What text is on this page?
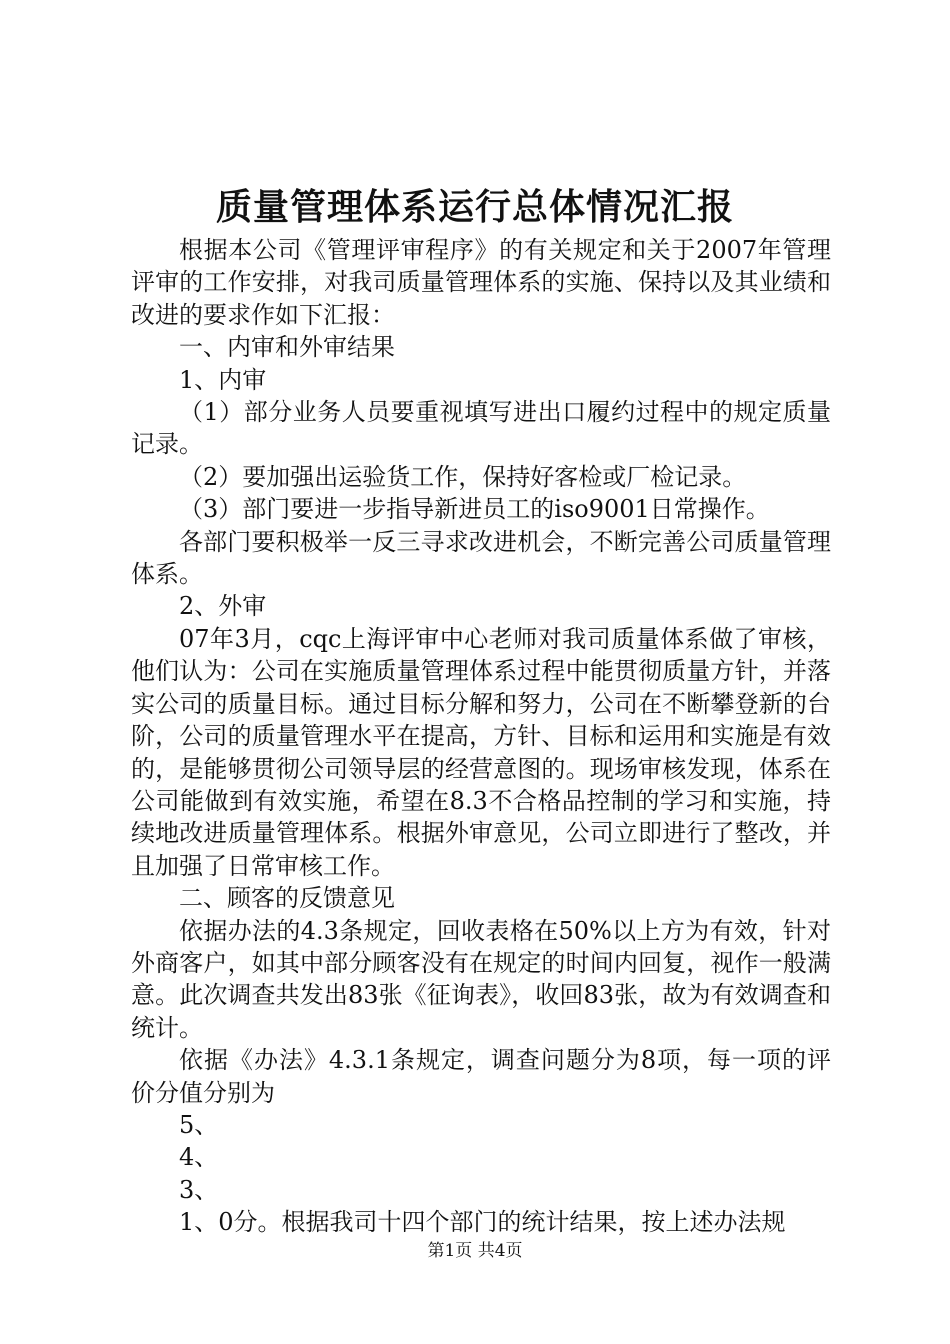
质量管理体系运行总体情况汇报

根据本公司《管理评审程序》的有关规定和关于2007年管理评审的工作安排，对我司质量管理体系的实施、保持以及其业绩和改进的要求作如下汇报：

一、内审和外审结果

1、内审

（1）部分业务人员要重视填写进出口履约过程中的规定质量记录。

（2）要加强出运验货工作，保持好客检或厂检记录。

（3）部门要进一步指导新进员工的iso9001日常操作。

各部门要积极举一反三寻求改进机会，不断完善公司质量管理体系。

2、外审

07年3月，cqc上海评审中心老师对我司质量体系做了审核，他们认为：公司在实施质量管理体系过程中能贯彻质量方针，并落实公司的质量目标。通过目标分解和努力，公司在不断攀登新的台阶，公司的质量管理水平在提高，方针、目标和运用和实施是有效的，是能够贯彻公司领导层的经营意图的。现场审核发现，体系在公司能做到有效实施，希望在8.3不合格品控制的学习和实施，持续地改进质量管理体系。根据外审意见，公司立即进行了整改，并且加强了日常审核工作。

二、顾客的反馈意见

依据办法的4.3条规定，回收表格在50%以上方为有效，针对外商客户，如其中部分顾客没有在规定的时间内回复，视作一般满意。此次调查共发出83张《征询表》，收回83张，故为有效调查和统计。

依据《办法》4.3.1条规定，调查问题分为8项，每一项的评价分值分别为

5、

4、

3、

1、0分。根据我司十四个部门的统计结果，按上述办法规

第1页 共4页
